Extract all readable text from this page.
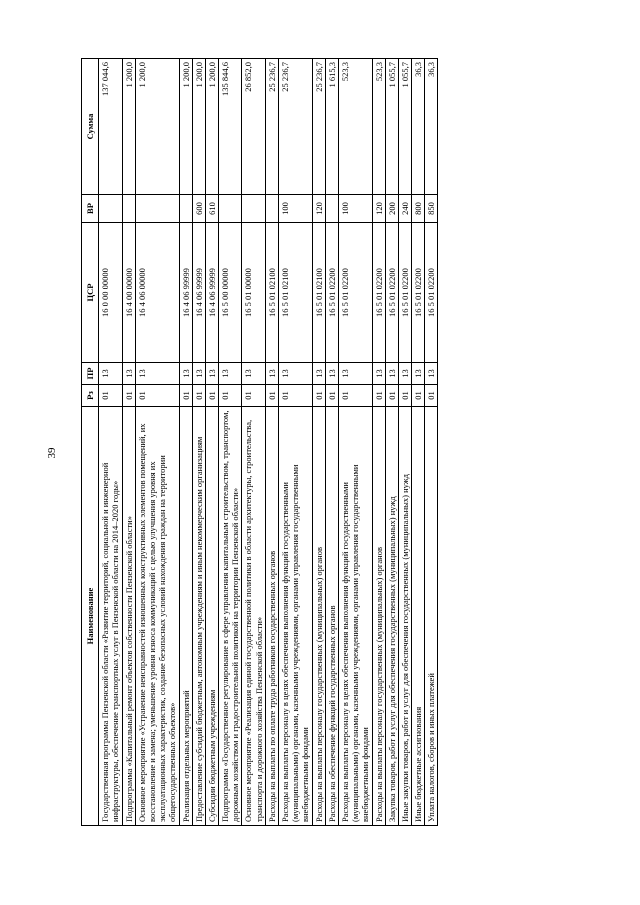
39
Наименование	Рз	ПР	ЦСР	ВР	Сумма
Государственная программа Пензенской области «Развитие территорий, социальной и инженерной инфраструктуры, обеспечение транспортных услуг в Пензенской области на 2014–2020 годы»	01	13	16 0 00 00000		137 044,6
Подпрограмма «Капитальный ремонт объектов собственности Пензенской области»	01	13	16 4 00 00000		1 200,0
Основное мероприятие «Устранение неисправностей изношенных конструктивных элементов помещений, их восстановление и замена; уменьшение уровня износа коммуникаций с целью улучшения уровня их эксплуатационных характеристик, создание безопасных условий нахождения граждан на территории общегосударственных объектов»	01	13	16 4 06 00000		1 200,0
Реализация отдельных мероприятий	01	13	16 4 06 99999		1 200,0
Предоставление субсидий бюджетным, автономным учреждениям и иным некоммерческим организациям	01	13	16 4 06 99999	600	1 200,0
Субсидии бюджетным учреждениям	01	13	16 4 06 99999	610	1 200,0
Подпрограмма «Государственное регулирование в сфере управления капитальным строительством, транспортом, дорожным хозяйством и градостроительной политикой на территории Пензенской области»	01	13	16 5 00 00000		135 844,6
Основное мероприятие «Реализация единой государственной политики в области архитектуры, строительства, транспорта и дорожного хозяйства Пензенской области»	01	13	16 5 01 00000		26 852,0
Расходы на выплаты по оплате труда работников государственных органов	01	13	16 5 01 02100		25 236,7
Расходы на выплаты персоналу в целях обеспечения выполнения функций государственными (муниципальными) органами, казенными учреждениями, органами управления государственными внебюджетными фондами	01	13	16 5 01 02100	100	25 236,7
Расходы на выплаты персоналу государственных (муниципальных) органов	01	13	16 5 01 02100	120	25 236,7
Расходы на обеспечение функций государственных органов	01	13	16 5 01 02200		1 615,3
Расходы на выплаты персоналу в целях обеспечения выполнения функций государственными (муниципальными) органами, казенными учреждениями, органами управления государственными внебюджетными фондами	01	13	16 5 01 02200	100	523,3
Расходы на выплаты персоналу государственных (муниципальных) органов	01	13	16 5 01 02200	120	523,3
Закупка товаров, работ и услуг для обеспечения государственных (муниципальных) нужд	01	13	16 5 01 02200	200	1 055,7
Иные закупки товаров, работ и услуг для обеспечения государственных (муниципальных) нужд	01	13	16 5 01 02200	240	1 055,7
Иные бюджетные ассигнования	01	13	16 5 01 02200	800	36,3
Уплата налогов, сборов и иных платежей	01	13	16 5 01 02200	850	36,3
